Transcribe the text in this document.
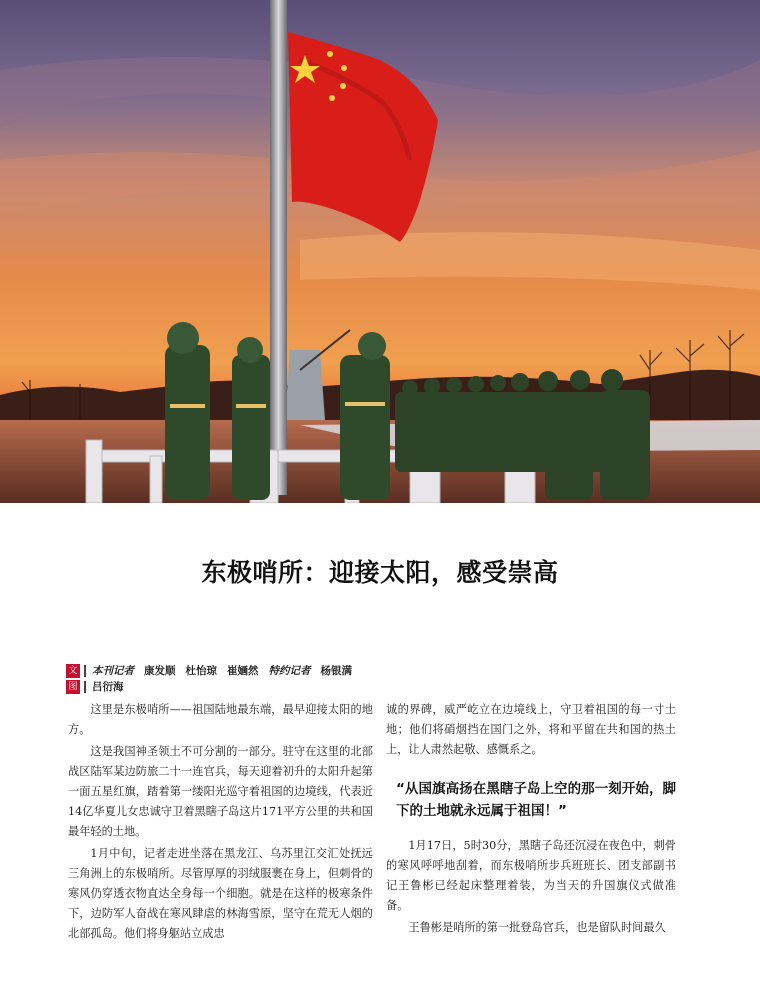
东极哨所：迎接太阳，感受崇高
文 本刊记者 康发顺 杜怡琼 崔婳然 特约记者 杨银满
图 吕衍海

这里是东极哨所——祖国陆地最东端，最早迎接太阳的地方。

这是我国神圣领土不可分割的一部分。驻守在这里的北部战区陆军某边防旅二十一连官兵，每天迎着初升的太阳升起第一面五星红旗，踏着第一缕阳光巡守着祖国的边境线，代表近14亿华夏儿女忠诚守卫着黑瞎子岛这片171平方公里的共和国最年轻的土地。

1月中旬，记者走进坐落在黑龙江、乌苏里江交汇处抚远三角洲上的东极哨所。尽管厚厚的羽绒服裹在身上，但刺骨的寒风仍穿透衣物直达全身每一个细胞。就是在这样的极寒条件下，边防军人奋战在寒风肆虐的林海雪原，坚守在荒无人烟的北部孤岛。他们将身躯站立成忠

诚的界碑，威严屹立在边境线上，守卫着祖国的每一寸土地；他们将硝烟挡在国门之外，将和平留在共和国的热土上，让人肃然起敬、感慨系之。

“从国旗高扬在黑瞎子岛上空的那一刻开始，脚下的土地就永远属于祖国！”

1月17日，5时30分，黑瞎子岛还沉浸在夜色中，刺骨的寒风呼呼地刮着，而东极哨所步兵班班长、团支部副书记王鲁彬已经起床整理着装，为当天的升国旗仪式做准备。

王鲁彬是哨所的第一批登岛官兵，也是留队时间最久
